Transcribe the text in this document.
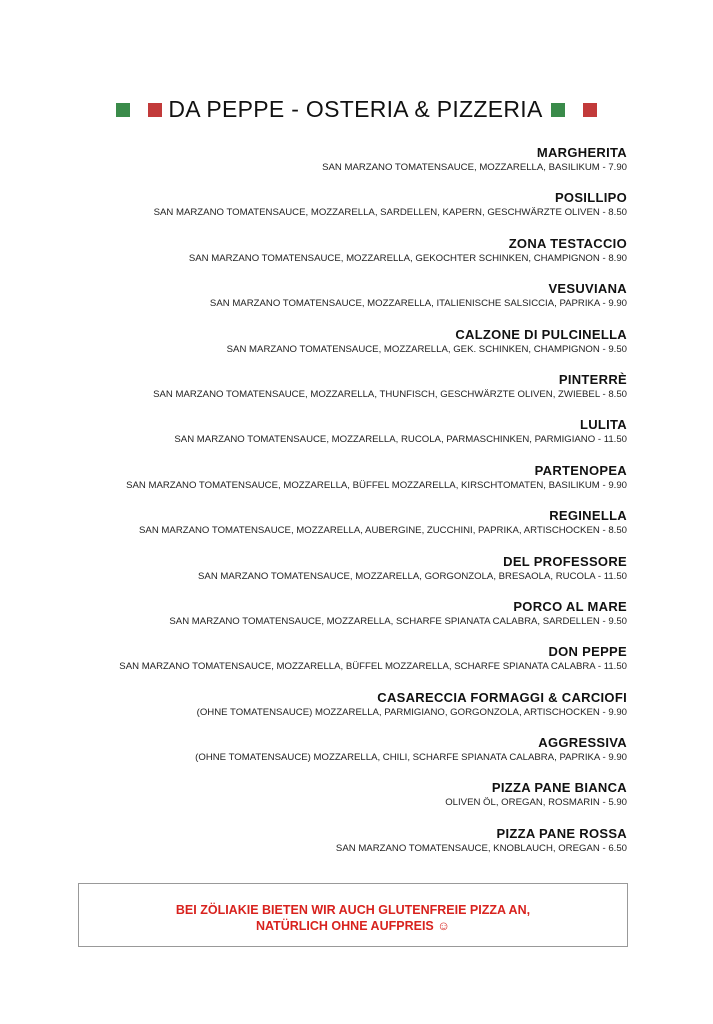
DA PEPPE - OSTERIA & PIZZERIA
MARGHERITA
SAN MARZANO TOMATENSAUCE, MOZZARELLA, BASILIKUM - 7.90
POSILLIPO
SAN MARZANO TOMATENSAUCE, MOZZARELLA, SARDELLEN, KAPERN, GESCHWÄRZTE OLIVEN - 8.50
ZONA TESTACCIO
SAN MARZANO TOMATENSAUCE, MOZZARELLA, GEKOCHTER SCHINKEN, CHAMPIGNON - 8.90
VESUVIANA
SAN MARZANO TOMATENSAUCE, MOZZARELLA, ITALIENISCHE SALSICCIA, PAPRIKA - 9.90
CALZONE DI PULCINELLA
SAN MARZANO TOMATENSAUCE, MOZZARELLA, GEK. SCHINKEN, CHAMPIGNON - 9.50
PINTERRÈ
SAN MARZANO TOMATENSAUCE, MOZZARELLA, THUNFISCH, GESCHWÄRZTE OLIVEN, ZWIEBEL - 8.50
LULITA
SAN MARZANO TOMATENSAUCE, MOZZARELLA, RUCOLA, PARMASCHINKEN, PARMIGIANO - 11.50
PARTENOPEA
SAN MARZANO TOMATENSAUCE, MOZZARELLA, BÜFFEL MOZZARELLA, KIRSCHTOMATEN, BASILIKUM - 9.90
REGINELLA
SAN MARZANO TOMATENSAUCE, MOZZARELLA, AUBERGINE, ZUCCHINI, PAPRIKA, ARTISCHOCKEN - 8.50
DEL PROFESSORE
SAN MARZANO TOMATENSAUCE, MOZZARELLA, GORGONZOLA, BRESAOLA, RUCOLA - 11.50
PORCO AL MARE
SAN MARZANO TOMATENSAUCE, MOZZARELLA, SCHARFE SPIANATA CALABRA, SARDELLEN - 9.50
DON PEPPE
SAN MARZANO TOMATENSAUCE, MOZZARELLA, BÜFFEL MOZZARELLA, SCHARFE SPIANATA CALABRA - 11.50
CASARECCIA FORMAGGI & CARCIOFI
(OHNE TOMATENSAUCE) MOZZARELLA, PARMIGIANO, GORGONZOLA, ARTISCHOCKEN - 9.90
AGGRESSIVA
(OHNE TOMATENSAUCE) MOZZARELLA, CHILI, SCHARFE SPIANATA CALABRA, PAPRIKA - 9.90
PIZZA PANE BIANCA
OLIVEN ÖL, OREGAN, ROSMARIN - 5.90
PIZZA PANE ROSSA
SAN MARZANO TOMATENSAUCE, KNOBLAUCH, OREGAN - 6.50
BEI ZÖLIAKIE BIETEN WIR AUCH GLUTENFREIE PIZZA AN,
NATÜRLICH OHNE AUFPREIS ☺
